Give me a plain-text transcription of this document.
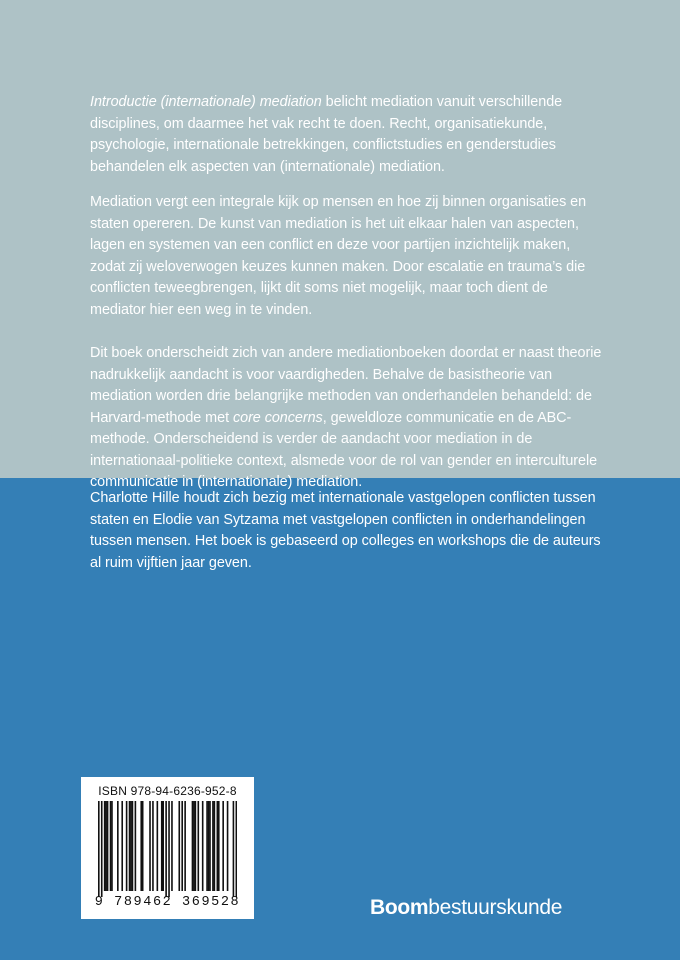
Introductie (internationale) mediation belicht mediation vanuit verschillende disciplines, om daarmee het vak recht te doen. Recht, organisatiekunde, psychologie, internationale betrekkingen, conflictstudies en genderstudies behandelen elk aspecten van (internationale) mediation.

Mediation vergt een integrale kijk op mensen en hoe zij binnen organisaties en staten opereren. De kunst van mediation is het uit elkaar halen van aspecten, lagen en systemen van een conflict en deze voor partijen inzichtelijk maken, zodat zij weloverwogen keuzes kunnen maken. Door escalatie en trauma’s die conflicten teweegbrengen, lijkt dit soms niet mogelijk, maar toch dient de mediator hier een weg in te vinden.

Dit boek onderscheidt zich van andere mediationboeken doordat er naast theorie nadrukkelijk aandacht is voor vaardigheden. Behalve de basistheorie van mediation worden drie belangrijke methoden van onderhandelen behandeld: de Harvard-methode met core concerns, geweldloze communicatie en de ABC-methode. Onderscheidend is verder de aandacht voor mediation in de internationaal-politieke context, alsmede voor de rol van gender en interculturele communicatie in (internationale) mediation.

Charlotte Hille houdt zich bezig met internationale vastgelopen conflicten tussen staten en Elodie van Sytzama met vastgelopen conflicten in onderhandelingen tussen mensen. Het boek is gebaseerd op colleges en workshops die de auteurs al ruim vijftien jaar geven.

ISBN 978-94-6236-952-8
9 789462 369528	Boombestuurskunde
